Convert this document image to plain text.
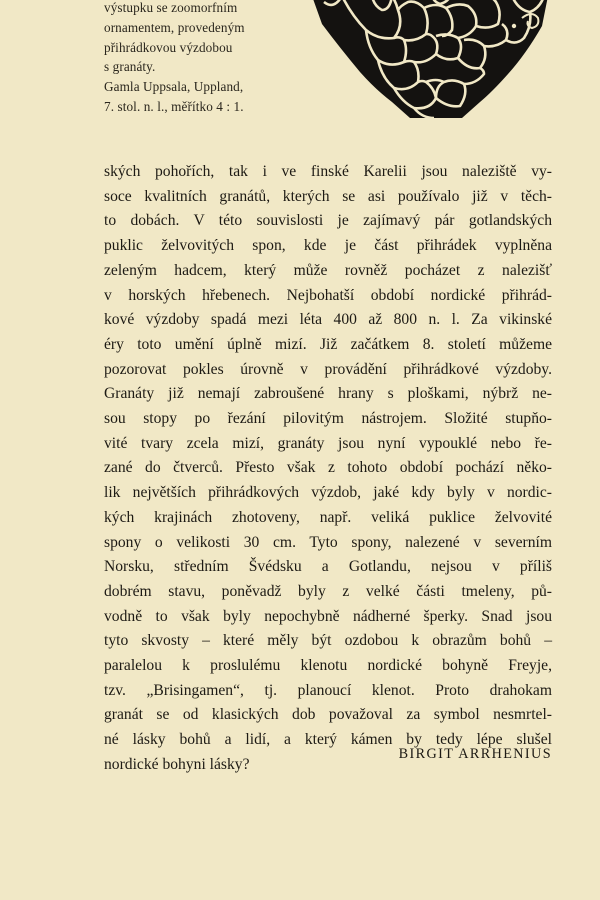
výstupku se zoomorfním
ornamentem, provedeným
přihrádkovou výzdobou
s granáty.
Gamla Uppsala, Uppland,
7. stol. n. l., měřítko 4 : 1.
ských pohořích, tak i ve finské Karelii jsou naleziště vy-
soce kvalitních granátů, kterých se asi používalo již v těch-
to dobách. V této souvislosti je zajímavý pár gotlandských
puklic želvovitých spon, kde je část přihrádek vyplněna
zeleným hadcem, který může rovněž pocházet z nalezišť
v horských hřebenech. Nejbohatší období nordické přihrád-
kové výzdoby spadá mezi léta 400 až 800 n. l. Za vikinské
éry toto umění úplně mizí. Již začátkem 8. století můžeme
pozorovat pokles úrovně v provádění přihrádkové výzdoby.
Granáty již nemají zabroušené hrany s ploškami, nýbrž ne-
sou stopy po řezání pilovitým nástrojem. Složité stupňo-
vité tvary zcela mizí, granáty jsou nyní vypouklé nebo ře-
zané do čtverců. Přesto však z tohoto období pochází něko-
lik největších přihrádkových výzdob, jaké kdy byly v nordic-
kých krajinách zhotoveny, např. veliká puklice želvovité
spony o velikosti 30 cm. Tyto spony, nalezené v severním
Norsku, středním Švédsku a Gotlandu, nejsou v příliš
dobrém stavu, poněvadž byly z velké části tmeleny, pů-
vodně to však byly nepochybně nádherné šperky. Snad jsou
tyto skvosty – které měly být ozdobou k obrazům bohů –
paralelou k proslulému klenotu nordické bohyně Freyje,
tzv. „Brisingamen“, tj. planoucí klenot. Proto drahokam
granát se od klasických dob považoval za symbol nesmrtel-
né lásky bohů a lidí, a který kámen by tedy lépe slušel
nordické bohyni lásky?
BIRGIT ARRHENIUS
